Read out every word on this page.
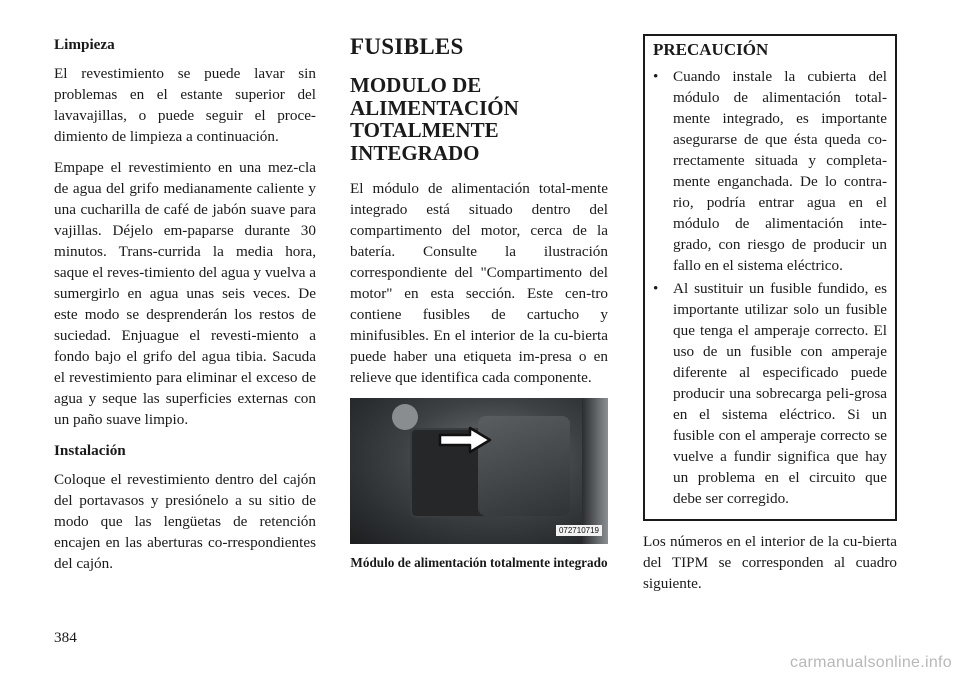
Limpieza

El revestimiento se puede lavar sin problemas en el estante superior del lavavajillas, o puede seguir el proce-dimiento de limpieza a continuación.

Empape el revestimiento en una mez-cla de agua del grifo medianamente caliente y una cucharilla de café de jabón suave para vajillas. Déjelo em-paparse durante 30 minutos. Trans-currida la media hora, saque el reves-timiento del agua y vuelva a sumergirlo en agua unas seis veces. De este modo se desprenderán los restos de suciedad. Enjuague el revesti-miento a fondo bajo el grifo del agua tibia. Sacuda el revestimiento para eliminar el exceso de agua y seque las superficies externas con un paño suave limpio.

Instalación

Coloque el revestimiento dentro del cajón del portavasos y presiónelo a su sitio de modo que las lengüetas de retención encajen en las aberturas co-rrespondientes del cajón.

FUSIBLES
MODULO DE ALIMENTACIÓN TOTALMENTE INTEGRADO

El módulo de alimentación total-mente integrado está situado dentro del compartimento del motor, cerca de la batería. Consulte la ilustración correspondiente del "Compartimento del motor" en esta sección. Este cen-tro contiene fusibles de cartucho y minifusibles. En el interior de la cu-bierta puede haber una etiqueta im-presa o en relieve que identifica cada componente.

072710719
Módulo de alimentación totalmente integrado
PRECAUCIÓN
• Cuando instale la cubierta del módulo de alimentación total-mente integrado, es importante asegurarse de que ésta queda co-rrectamente situada y completa-mente enganchada. De lo contra-rio, podría entrar agua en el módulo de alimentación inte-grado, con riesgo de producir un fallo en el sistema eléctrico.
• Al sustituir un fusible fundido, es importante utilizar solo un fusible que tenga el amperaje correcto. El uso de un fusible con amperaje diferente al especificado puede producir una sobrecarga peli-grosa en el sistema eléctrico. Si un fusible con el amperaje correcto se vuelve a fundir significa que hay un problema en el circuito que debe ser corregido.

Los números en el interior de la cu-bierta del TIPM se corresponden al cuadro siguiente.

384
carmanualsonline.info
